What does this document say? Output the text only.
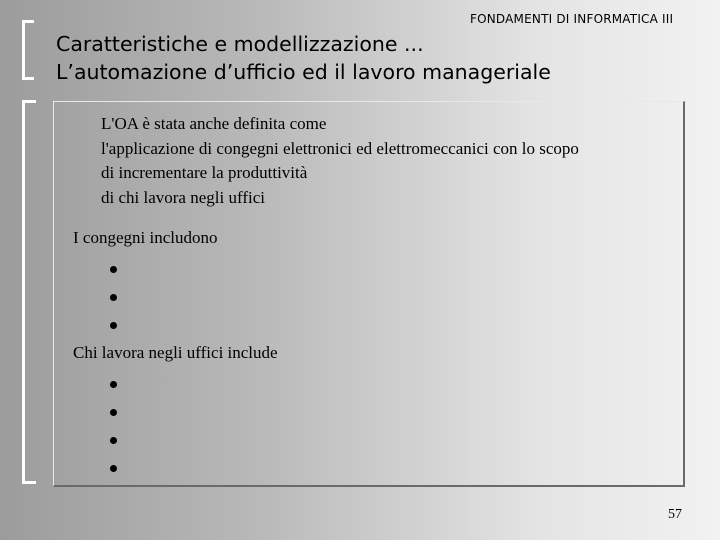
FONDAMENTI DI INFORMATICA III
Caratteristiche e modellizzazione ...
L’automazione d’ufficio ed il lavoro manageriale
L'OA è stata anche definita come
l'applicazione di congegni elettronici ed elettromeccanici con lo scopo
di incrementare la produttività
di chi lavora negli uffici
I congegni includono
Chi lavora negli uffici include
57
